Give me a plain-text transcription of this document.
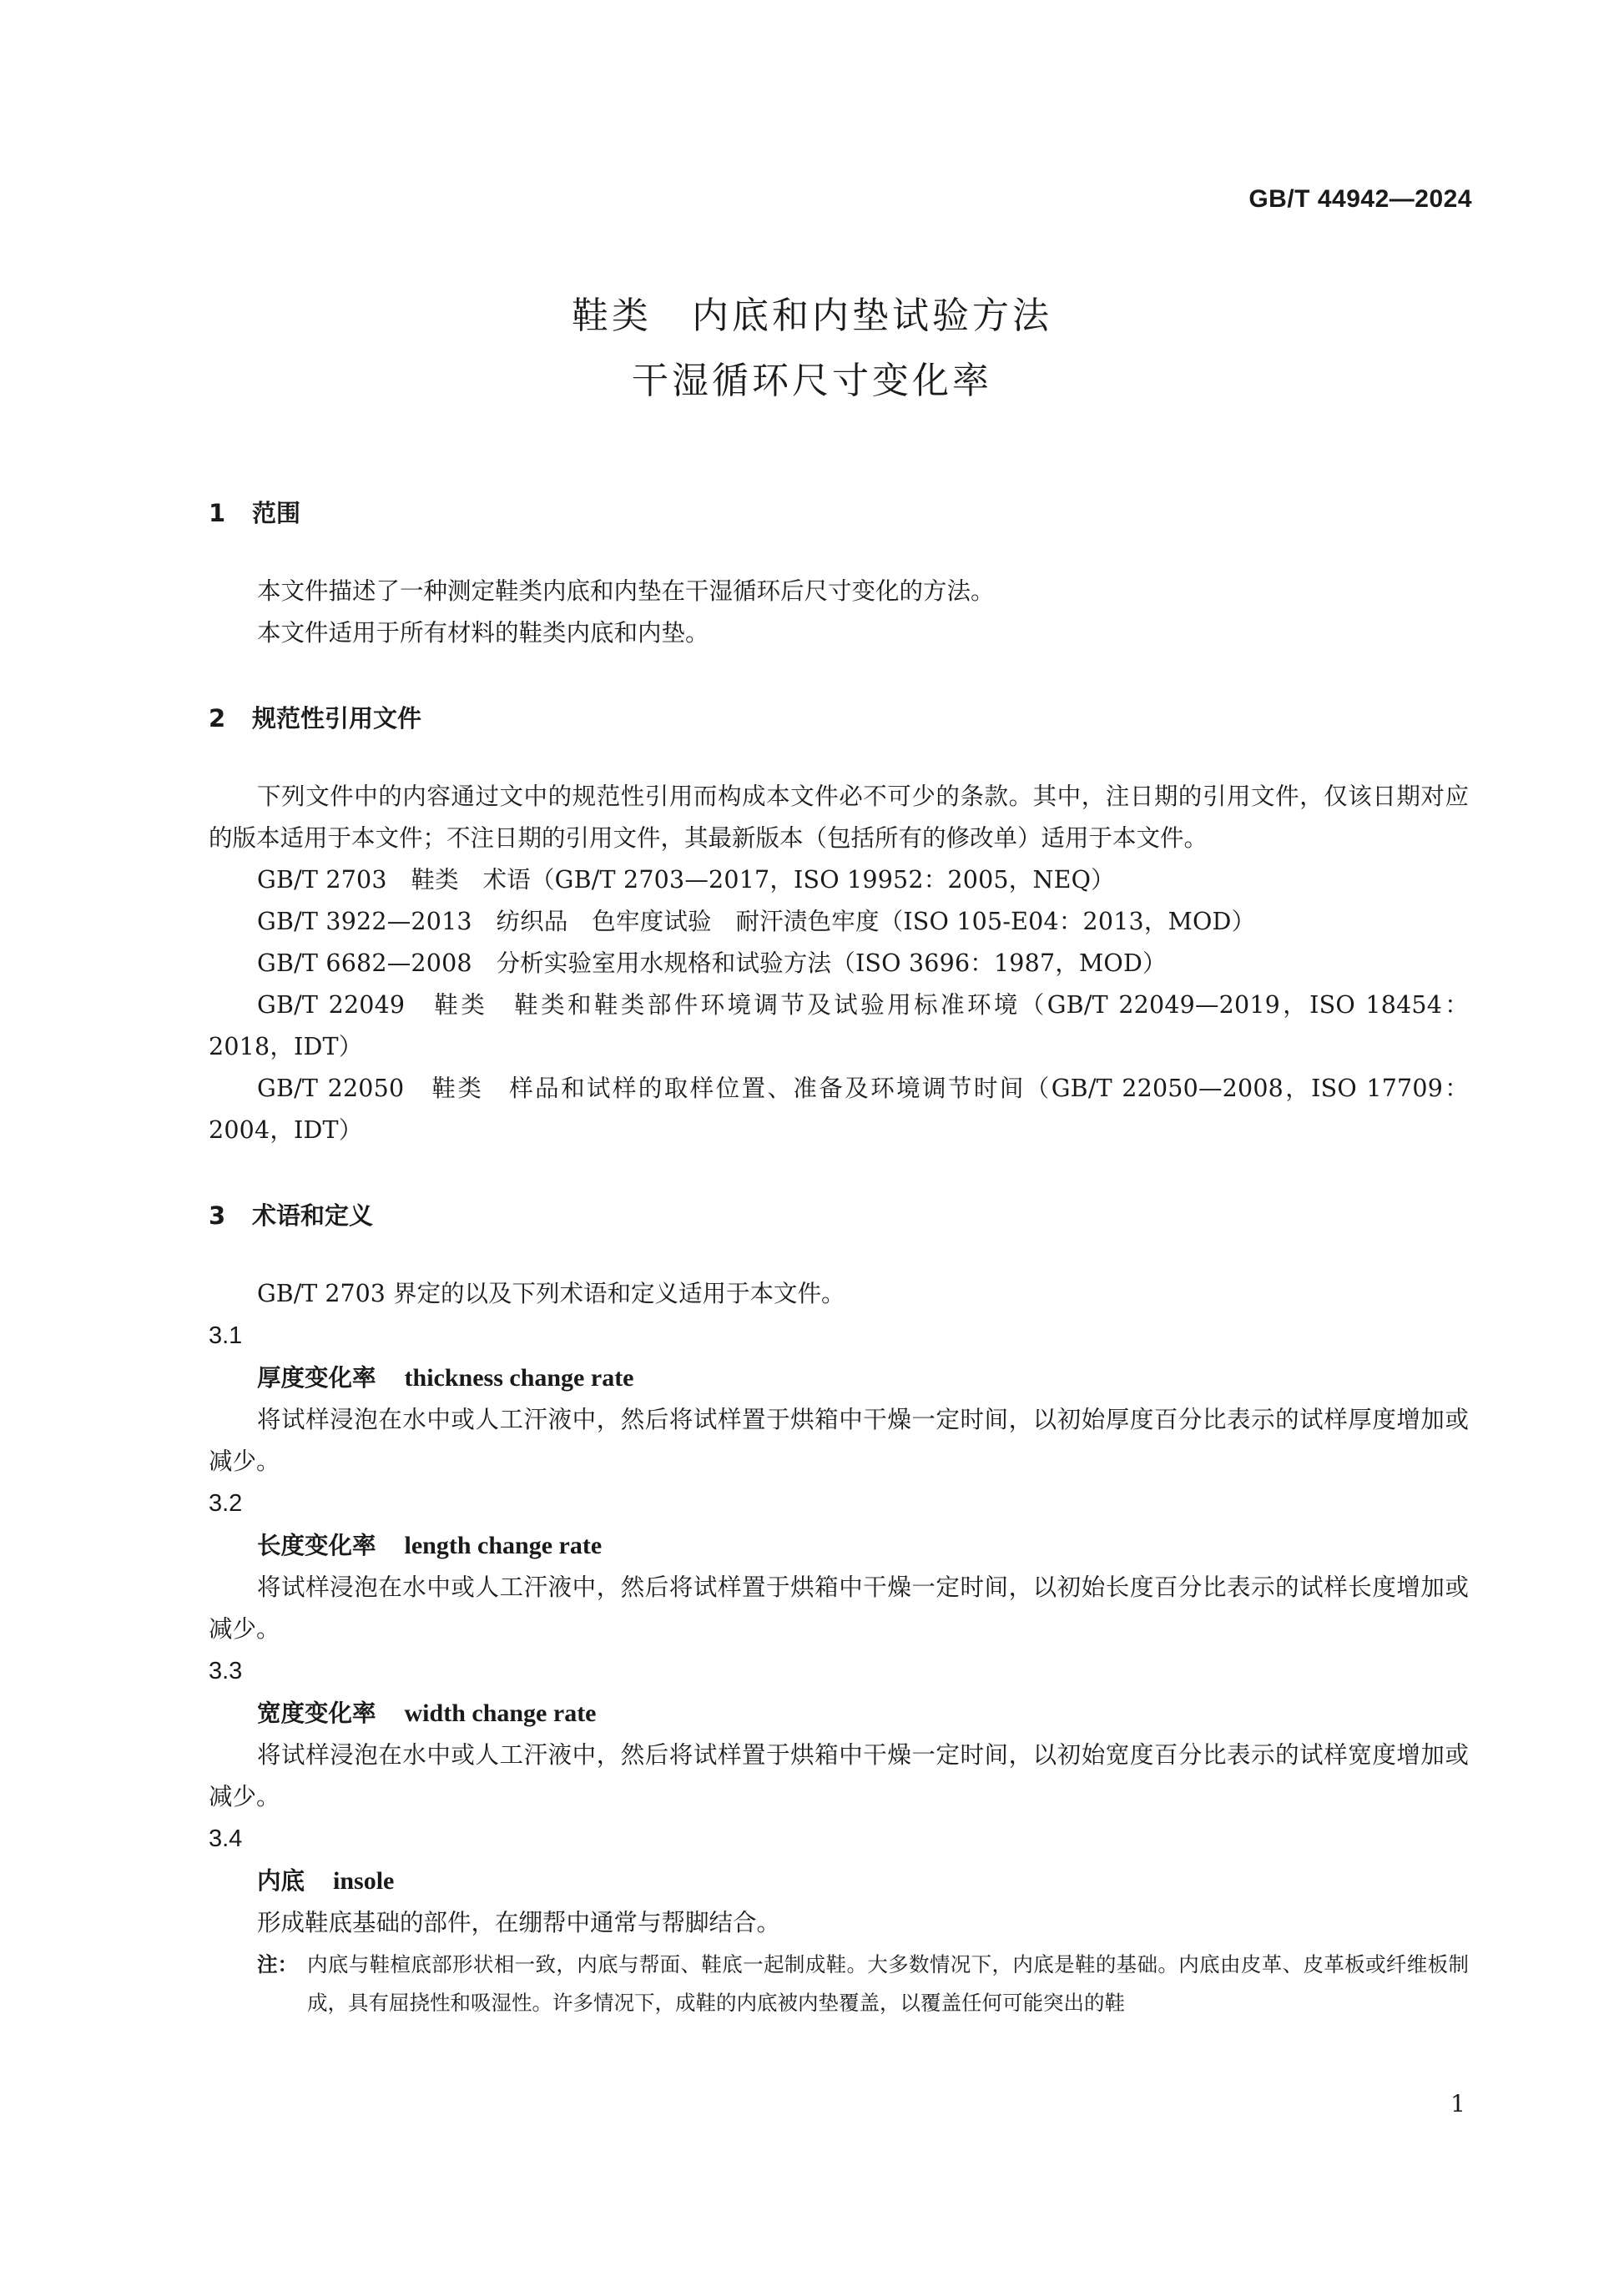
GB/T 44942—2024
鞋类　内底和内垫试验方法
干湿循环尺寸变化率
1 范围

本文件描述了一种测定鞋类内底和内垫在干湿循环后尺寸变化的方法。

本文件适用于所有材料的鞋类内底和内垫。

2 规范性引用文件

下列文件中的内容通过文中的规范性引用而构成本文件必不可少的条款。其中，注日期的引用文件，仅该日期对应的版本适用于本文件；不注日期的引用文件，其最新版本（包括所有的修改单）适用于本文件。

GB/T 2703　鞋类　术语（GB/T 2703—2017，ISO 19952：2005，NEQ）

GB/T 3922—2013　纺织品　色牢度试验　耐汗渍色牢度（ISO 105-E04：2013，MOD）

GB/T 6682—2008　分析实验室用水规格和试验方法（ISO 3696：1987，MOD）

GB/T 22049　鞋类　鞋类和鞋类部件环境调节及试验用标准环境（GB/T 22049—2019，ISO 18454：2018，IDT）

GB/T 22050　鞋类　样品和试样的取样位置、准备及环境调节时间（GB/T 22050—2008，ISO 17709：2004，IDT）

3 术语和定义

GB/T 2703 界定的以及下列术语和定义适用于本文件。

3.1
厚度变化率 thickness change rate

将试样浸泡在水中或人工汗液中，然后将试样置于烘箱中干燥一定时间，以初始厚度百分比表示的试样厚度增加或减少。

3.2
长度变化率 length change rate

将试样浸泡在水中或人工汗液中，然后将试样置于烘箱中干燥一定时间，以初始长度百分比表示的试样长度增加或减少。

3.3
宽度变化率 width change rate

将试样浸泡在水中或人工汗液中，然后将试样置于烘箱中干燥一定时间，以初始宽度百分比表示的试样宽度增加或减少。

3.4
内底 insole

形成鞋底基础的部件，在绷帮中通常与帮脚结合。

注： 内底与鞋楦底部形状相一致，内底与帮面、鞋底一起制成鞋。大多数情况下，内底是鞋的基础。内底由皮革、皮革板或纤维板制成，具有屈挠性和吸湿性。许多情况下，成鞋的内底被内垫覆盖，以覆盖任何可能突出的鞋
1
